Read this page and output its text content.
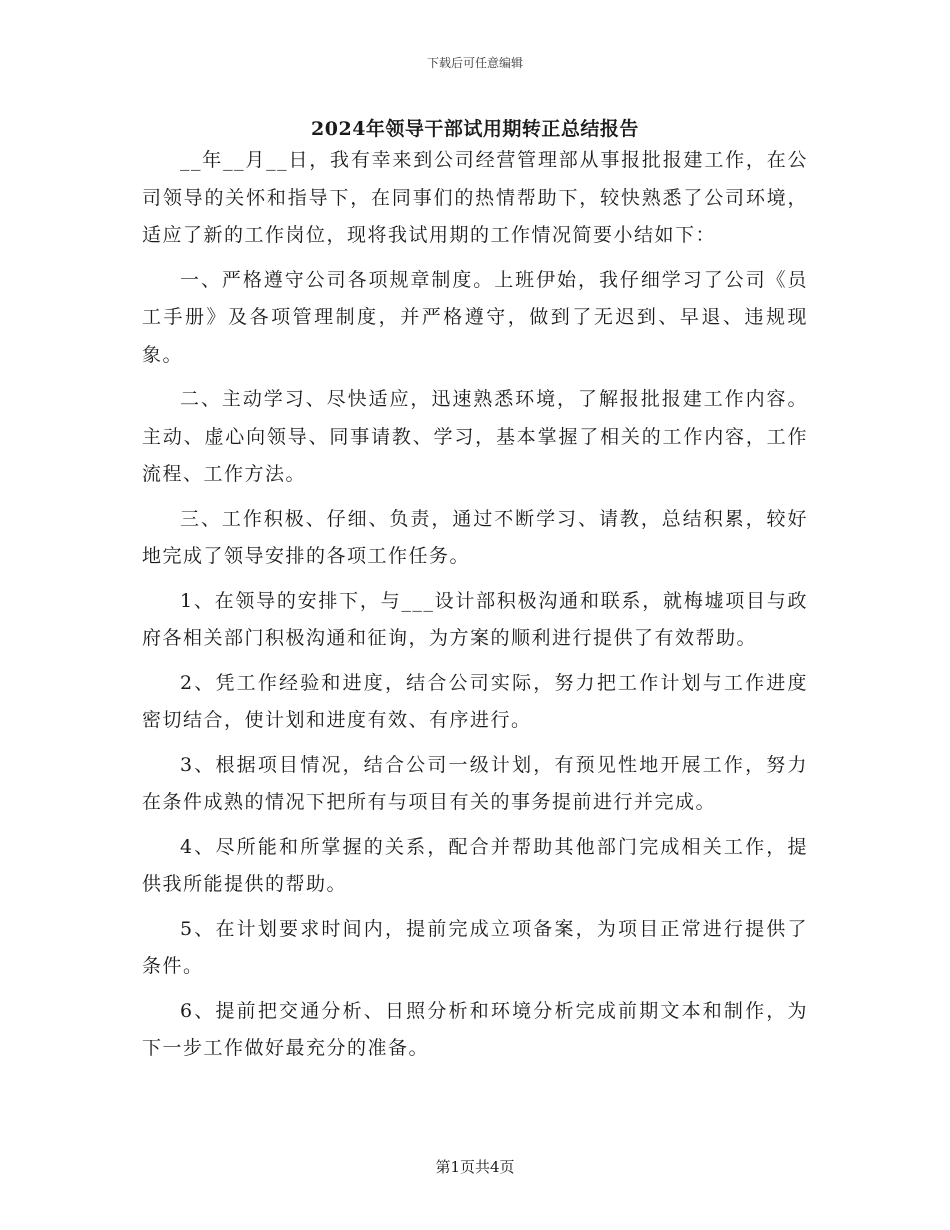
下载后可任意编辑
2024年领导干部试用期转正总结报告

__年__月__日，我有幸来到公司经营管理部从事报批报建工作，在公司领导的关怀和指导下，在同事们的热情帮助下，较快熟悉了公司环境，适应了新的工作岗位，现将我试用期的工作情况简要小结如下：

一、严格遵守公司各项规章制度。上班伊始，我仔细学习了公司《员工手册》及各项管理制度，并严格遵守，做到了无迟到、早退、违规现象。

二、主动学习、尽快适应，迅速熟悉环境，了解报批报建工作内容。主动、虚心向领导、同事请教、学习，基本掌握了相关的工作内容，工作流程、工作方法。

三、工作积极、仔细、负责，通过不断学习、请教，总结积累，较好地完成了领导安排的各项工作任务。

1、在领导的安排下，与___设计部积极沟通和联系，就梅墟项目与政府各相关部门积极沟通和征询，为方案的顺利进行提供了有效帮助。

2、凭工作经验和进度，结合公司实际，努力把工作计划与工作进度密切结合，使计划和进度有效、有序进行。

3、根据项目情况，结合公司一级计划，有预见性地开展工作，努力在条件成熟的情况下把所有与项目有关的事务提前进行并完成。

4、尽所能和所掌握的关系，配合并帮助其他部门完成相关工作，提供我所能提供的帮助。

5、在计划要求时间内，提前完成立项备案，为项目正常进行提供了条件。

6、提前把交通分析、日照分析和环境分析完成前期文本和制作，为下一步工作做好最充分的准备。

第1页共4页
